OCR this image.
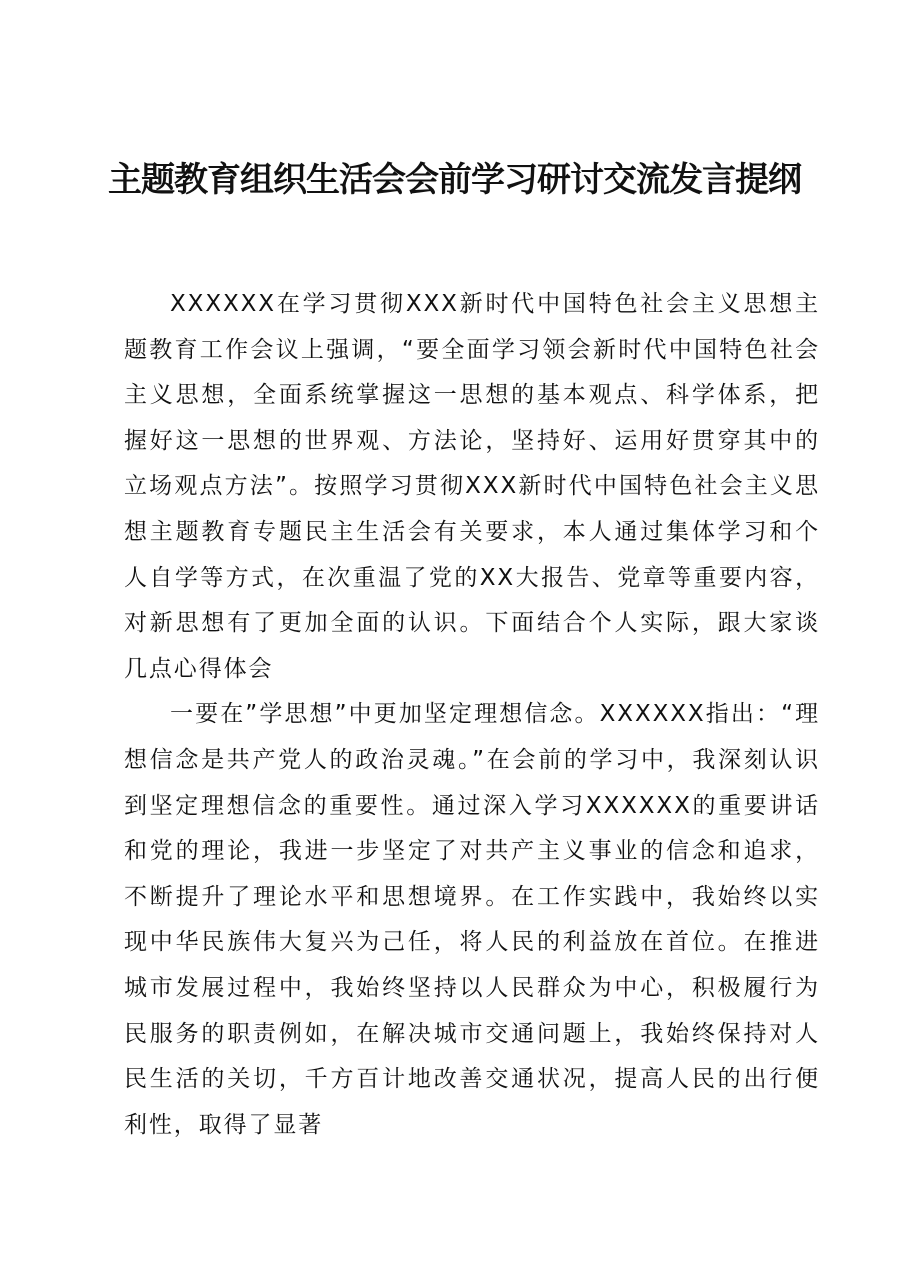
主题教育组织生活会会前学习研讨交流发言提纲

XXXXXX在学习贯彻XXX新时代中国特色社会主义思想主题教育工作会议上强调，“要全面学习领会新时代中国特色社会主义思想，全面系统掌握这一思想的基本观点、科学体系，把握好这一思想的世界观、方法论，坚持好、运用好贯穿其中的立场观点方法”。按照学习贯彻XXX新时代中国特色社会主义思想主题教育专题民主生活会有关要求，本人通过集体学习和个人自学等方式，在次重温了党的XX大报告、党章等重要内容，对新思想有了更加全面的认识。下面结合个人实际，跟大家谈几点心得体会

一要在”学思想”中更加坚定理想信念。XXXXXX指出：“理想信念是共产党人的政治灵魂。”在会前的学习中，我深刻认识到坚定理想信念的重要性。通过深入学习XXXXXX的重要讲话和党的理论，我进一步坚定了对共产主义事业的信念和追求，不断提升了理论水平和思想境界。在工作实践中，我始终以实现中华民族伟大复兴为己任，将人民的利益放在首位。在推进城市发展过程中，我始终坚持以人民群众为中心，积极履行为民服务的职责例如，在解决城市交通问题上，我始终保持对人民生活的关切，千方百计地改善交通状况，提高人民的出行便利性，取得了显著
